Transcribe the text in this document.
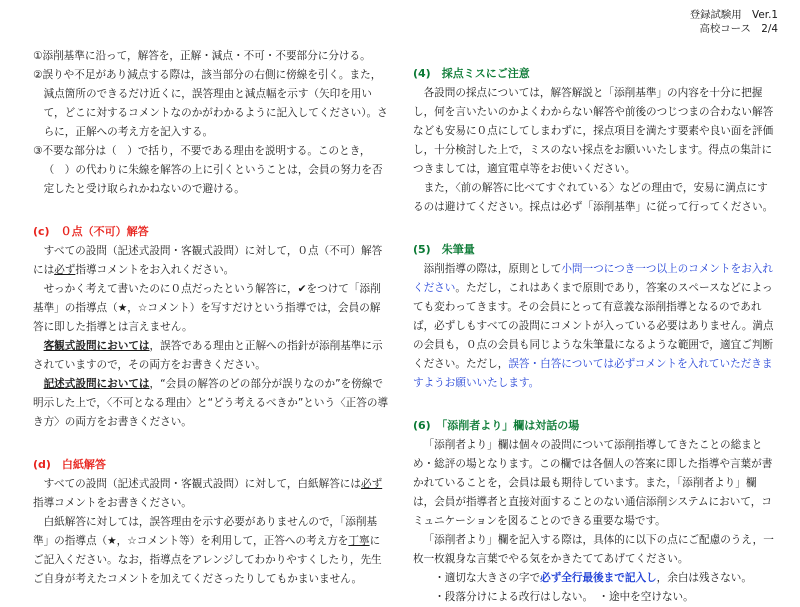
登録試験用　Ver.1
高校コース　2/4

①添削基準に沿って，解答を，正解・減点・不可・不要部分に分ける。

②誤りや不足があり減点する際は，該当部分の右側に傍線を引く。また，減点箇所のできるだけ近くに，誤答理由と減点幅を示す（矢印を用いて，どこに対するコメントなのかがわかるように記入してください）。さらに，正解への考え方を記入する。

③不要な部分は（　）で括り，不要である理由を説明する。このとき，（　）の代わりに朱線を解答の上に引くということは，会員の努力を否定したと受け取られかねないので避ける。

(c)　０点（不可）解答

すべての設問（記述式設問・客観式設問）に対して，０点（不可）解答には必ず指導コメントをお入れください。

せっかく考えて書いたのに０点だったという解答に，✔をつけて「添削基準」の指導点（★，☆コメント）を写すだけという指導では，会員の解答に即した指導とは言えません。

客観式設問においては，誤答である理由と正解への指針が添削基準に示されていますので，その両方をお書きください。

記述式設問においては，“会員の解答のどの部分が誤りなのか”を傍線で明示した上で，〈不可となる理由〉と“どう考えるべきか”という〈正答の導き方〉の両方をお書きください。

(d)　白紙解答

すべての設問（記述式設問・客観式設問）に対して，白紙解答には必ず指導コメントをお書きください。

白紙解答に対しては，誤答理由を示す必要がありませんので，「添削基準」の指導点（★，☆コメント等）を利用して，正答への考え方を丁寧にご記入ください。なお，指導点をアレンジしてわかりやすくしたり，先生ご自身が考えたコメントを加えてくださったりしてもかまいません。

(4)　採点ミスにご注意

各設問の採点については，解答解説と「添削基準」の内容を十分に把握し，何を言いたいのかよくわからない解答や前後のつじつまの合わない解答なども安易に０点にしてしまわずに，採点項目を満たす要素や良い面を評価し，十分検討した上で，ミスのない採点をお願いいたします。得点の集計につきましては，適宜電卓等をお使いください。

また，〈前の解答に比べてすぐれている〉などの理由で，安易に満点にするのは避けてください。採点は必ず「添削基準」に従って行ってください。

(5)　朱筆量

添削指導の際は，原則として小問一つにつき一つ以上のコメントをお入れください。ただし，これはあくまで原則であり，答案のスペースなどによっても変わってきます。その会員にとって有意義な添削指導となるのであれば，必ずしもすべての設問にコメントが入っている必要はありません。満点の会員も，０点の会員も同じような朱筆量になるような範囲で，適宜ご判断ください。ただし，誤答・白答については必ずコメントを入れていただきますようお願いいたします。

(6)　「添削者より」欄は対話の場

「添削者より」欄は個々の設問について添削指導してきたことの総まとめ・総評の場となります。この欄では各個人の答案に即した指導や言葉が書かれていることを，会員は最も期待しています。また，「添削者より」欄は，会員が指導者と直接対面することのない通信添削システムにおいて，コミュニケーションを図ることのできる重要な場です。

「添削者より」欄を記入する際は，具体的に以下の点にご配慮のうえ，一枚一枚親身な言葉でやる気をかきたててあげてください。

・適切な大きさの字で必ず全行最後まで記入し，余白は残さない。

・段落分けによる改行はしない。　 ・途中を空けない。
